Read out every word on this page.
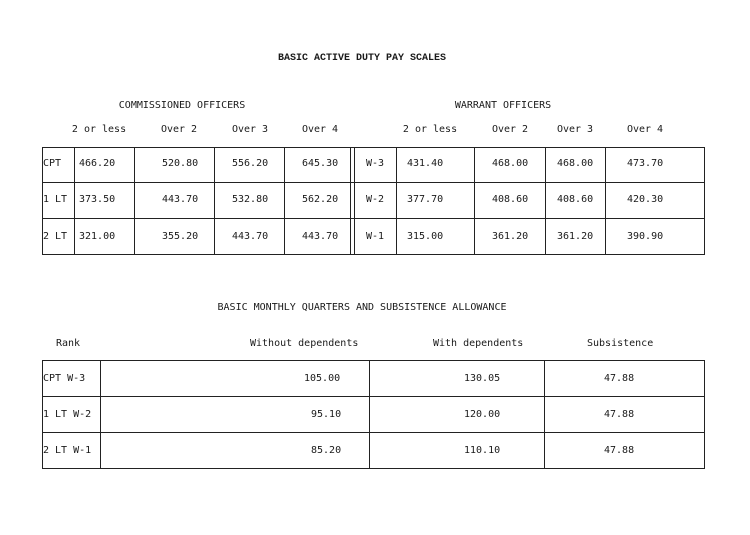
BASIC ACTIVE DUTY PAY SCALES
COMMISSIONED OFFICERS	WARRANT OFFICERS
2 or less	Over 2	Over 3	Over 4	2 or less	Over 2	Over 3	Over 4
CPT 466.20	520.80	556.20	645.30	W-3 431.40	468.00	468.00	473.70
1 LT 373.50	443.70	532.80	562.20	W-2 377.70	408.60	408.60	420.30
2 LT 321.00	355.20	443.70	443.70	W-1 315.00	361.20	361.20	390.90
BASIC MONTHLY QUARTERS AND SUBSISTENCE ALLOWANCE
Rank	Without dependents	With dependents	Subsistence
CPT W-3	105.00	130.05	47.88
1 LT W-2	95.10	120.00	47.88
2 LT W-1	85.20	110.10	47.88
